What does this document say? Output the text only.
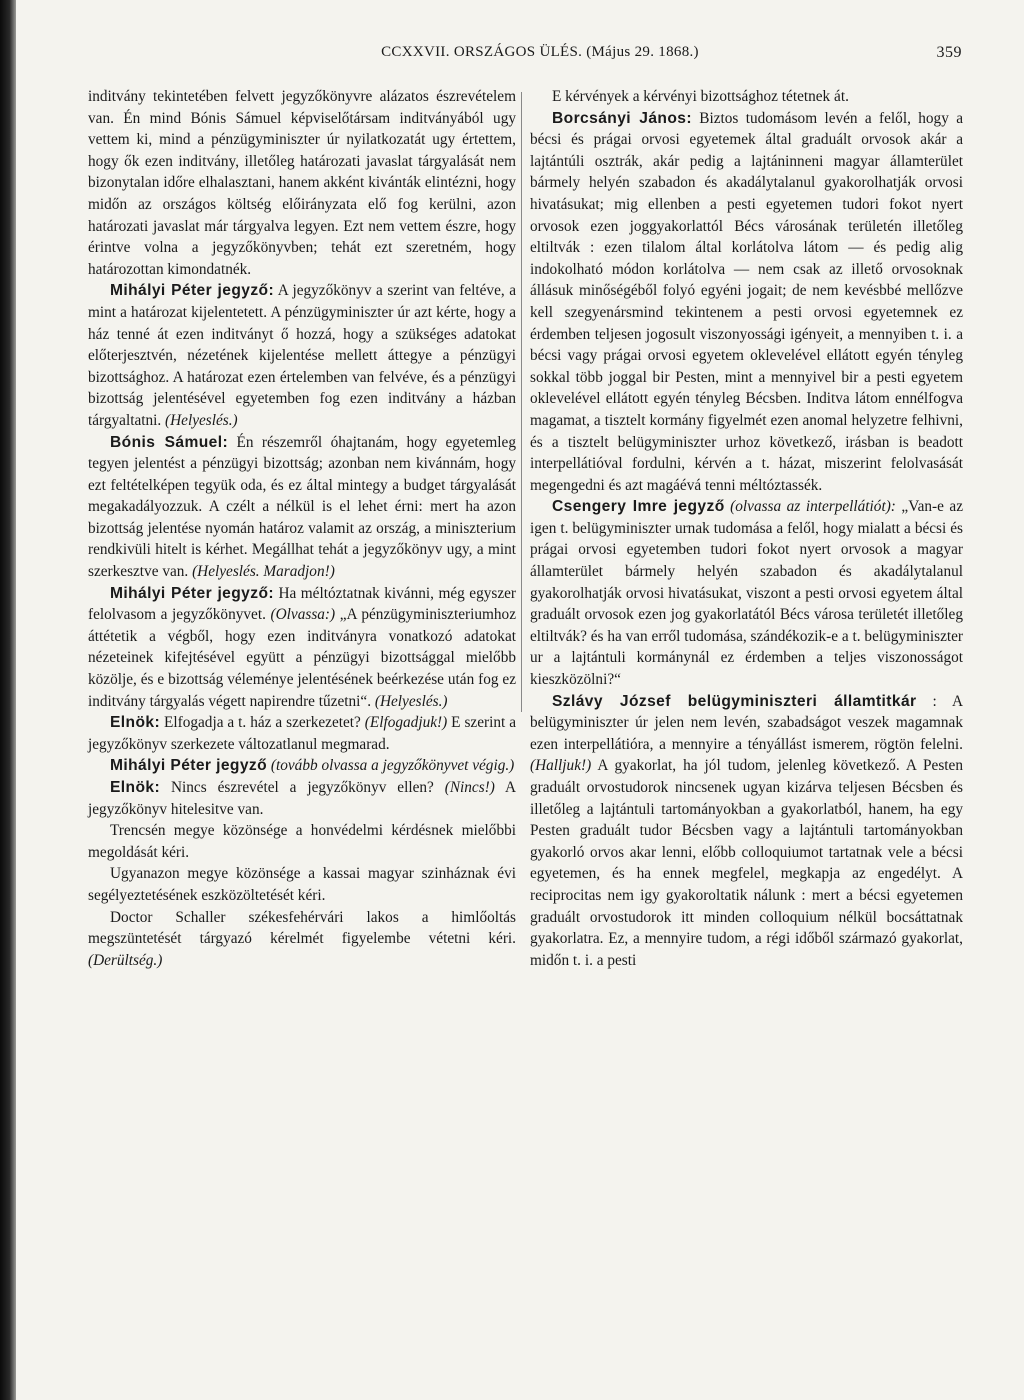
CCXXVII. ORSZÁGOS ÜLÉS. (Május 29. 1868.)	359

inditvány tekintetében felvett jegyzőkönyvre alázatos észrevételem van. Én mind Bónis Sámuel képviselőtársam inditványából ugy vettem ki, mind a pénzügyminiszter úr nyilatkozatát ugy értettem, hogy ők ezen inditvány, illetőleg határozati javaslat tárgyalását nem bizonytalan időre elhalasztani, hanem akként kivánták elintézni, hogy midőn az országos költség előirányzata elő fog kerülni, azon határozati javaslat már tárgyalva legyen. Ezt nem vettem észre, hogy érintve volna a jegyzőkönyvben; tehát ezt szeretném, hogy határozottan kimondatnék.

Mihályi Péter jegyző: A jegyzőkönyv a szerint van feltéve, a mint a határozat kijelentetett. A pénzügyminiszter úr azt kérte, hogy a ház tenné át ezen inditványt ő hozzá, hogy a szükséges adatokat előterjesztvén, nézetének kijelentése mellett áttegye a pénzügyi bizottsághoz. A határozat ezen értelemben van felvéve, és a pénzügyi bizottság jelentésével egyetemben fog ezen inditvány a házban tárgyaltatni. (Helyeslés.)

Bónis Sámuel: Én részemről óhajtanám, hogy egyetemleg tegyen jelentést a pénzügyi bizottság; azonban nem kivánnám, hogy ezt feltételképen tegyük oda, és ez által mintegy a budget tárgyalását megakadályozzuk. A czélt a nélkül is el lehet érni: mert ha azon bizottság jelentése nyomán határoz valamit az ország, a miniszterium rendkivüli hitelt is kérhet. Megállhat tehát a jegyzőkönyv ugy, a mint szerkesztve van. (Helyeslés. Maradjon!)

Mihályi Péter jegyző: Ha méltóztatnak kivánni, még egyszer felolvasom a jegyzőkönyvet. (Olvassa:) „A pénzügyminiszteriumhoz áttétetik a végből, hogy ezen inditványra vonatkozó adatokat nézeteinek kifejtésével együtt a pénzügyi bizottsággal mielőbb közölje, és e bizottság véleménye jelentésének beérkezése után fog ez inditvány tárgyalás végett napirendre tűzetni“. (Helyeslés.)

Elnök: Elfogadja a t. ház a szerkezetet? (Elfogadjuk!) E szerint a jegyzőkönyv szerkezete változatlanul megmarad.

Mihályi Péter jegyző (tovább olvassa a jegyzőkönyvet végig.)

Elnök: Nincs észrevétel a jegyzőkönyv ellen? (Nincs!) A jegyzőkönyv hitelesitve van.

Trencsén megye közönsége a honvédelmi kérdésnek mielőbbi megoldását kéri.

Ugyanazon megye közönsége a kassai magyar szinháznak évi segélyeztetésének eszközöltetését kéri.

Doctor Schaller székesfehérvári lakos a himlőoltás megszüntetését tárgyazó kérelmét figyelembe vétetni kéri. (Derültség.)

E kérvények a kérvényi bizottsághoz tétetnek át.

Borcsányi János: Biztos tudomásom levén a felől, hogy a bécsi és prágai orvosi egyetemek által graduált orvosok akár a lajtántúli osztrák, akár pedig a lajtáninneni magyar államterület bármely helyén szabadon és akadálytalanul gyakorolhatják orvosi hivatásukat; mig ellenben a pesti egyetemen tudori fokot nyert orvosok ezen joggyakorlattól Bécs városának területén illetőleg eltiltvák : ezen tilalom által korlátolva látom — és pedig alig indokolható módon korlátolva — nem csak az illető orvosoknak állásuk minőségéből folyó egyéni jogait; de nem kevésbbé mellőzve kell szegyenársmind tekintenem a pesti orvosi egyetemnek ez érdemben teljesen jogosult viszonyossági igényeit, a mennyiben t. i. a bécsi vagy prágai orvosi egyetem oklevelével ellátott egyén tényleg sokkal több joggal bir Pesten, mint a mennyivel bir a pesti egyetem oklevelével ellátott egyén tényleg Bécsben. Inditva látom ennélfogva magamat, a tisztelt kormány figyelmét ezen anomal helyzetre felhivni, és a tisztelt belügyminiszter urhoz következő, irásban is beadott interpellátióval fordulni, kérvén a t. házat, miszerint felolvasását megengedni és azt magáévá tenni méltóztassék.

Csengery Imre jegyző (olvassa az interpellátiót): „Van-e az igen t. belügyminiszter urnak tudomása a felől, hogy mialatt a bécsi és prágai orvosi egyetemben tudori fokot nyert orvosok a magyar államterület bármely helyén szabadon és akadálytalanul gyakorolhatják orvosi hivatásukat, viszont a pesti orvosi egyetem által graduált orvosok ezen jog gyakorlatától Bécs városa területét illetőleg eltiltvák? és ha van erről tudomása, szándékozik-e a t. belügyminiszter ur a lajtántuli kormánynál ez érdemben a teljes viszonosságot kieszközölni?“

Szlávy József belügyminiszteri államtitkár : A belügyminiszter úr jelen nem levén, szabadságot veszek magamnak ezen interpellátióra, a mennyire a tényállást ismerem, rögtön felelni. (Halljuk!) A gyakorlat, ha jól tudom, jelenleg következő. A Pesten graduált orvostudorok nincsenek ugyan kizárva teljesen Bécsben és illetőleg a lajtántuli tartományokban a gyakorlatból, hanem, ha egy Pesten graduált tudor Bécsben vagy a lajtántuli tartományokban gyakorló orvos akar lenni, előbb colloquiumot tartatnak vele a bécsi egyetemen, és ha ennek megfelel, megkapja az engedélyt. A reciprocitas nem igy gyakoroltatik nálunk : mert a bécsi egyetemen graduált orvostudorok itt minden colloquium nélkül bocsáttatnak gyakorlatra. Ez, a mennyire tudom, a régi időből származó gyakorlat, midőn t. i. a pesti
